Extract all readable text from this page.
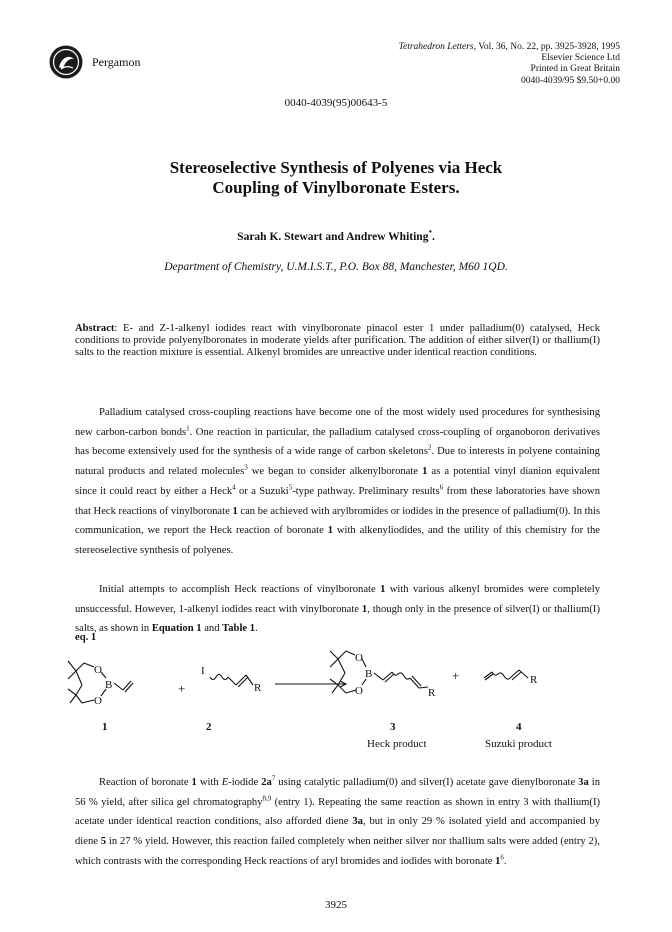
Pergamon
Tetrahedron Letters, Vol. 36, No. 22, pp. 3925-3928, 1995
Elsevier Science Ltd
Printed in Great Britain
0040-4039/95 $9.50+0.00
0040-4039(95)00643-5
Stereoselective Synthesis of Polyenes via Heck
Coupling of Vinylboronate Esters.
Sarah K. Stewart and Andrew Whiting*.
Department of Chemistry, U.M.I.S.T., P.O. Box 88, Manchester, M60 1QD.
Abstract: E- and Z-1-alkenyl iodides react with vinylboronate pinacol ester 1 under palladium(0) catalysed, Heck conditions to provide polyenylboronates in moderate yields after purification. The addition of either silver(I) or thallium(I) salts to the reaction mixture is essential. Alkenyl bromides are unreactive under identical reaction conditions.
Palladium catalysed cross-coupling reactions have become one of the most widely used procedures for synthesising new carbon-carbon bonds$^1$. One reaction in particular, the palladium catalysed cross-coupling of organoboron derivatives has become extensively used for the synthesis of a wide range of carbon skeletons$^2$. Due to interests in polyene containing natural products and related molecules$^3$ we began to consider alkenylboronate 1 as a potential vinyl dianion equivalent since it could react by either a Heck$^4$ or a Suzuki$^5$-type pathway. Preliminary results$^6$ from these laboratories have shown that Heck reactions of vinylboronate 1 can be achieved with arylbromides or iodides in the presence of palladium(0). In this communication, we report the Heck reaction of boronate 1 with alkenyliodides, and the utility of this chemistry for the stereoselective synthesis of polyenes.
Initial attempts to accomplish Heck reactions of vinylboronate 1 with various alkenyl bromides were completely unsuccessful. However, 1-alkenyl iodides react with vinylboronate 1, though only in the presence of silver(I) or thallium(I) salts, as shown in Equation 1 and Table 1.
eq. 1
O
B
O
+
I
R
O
B
O	R
+	R
1	2	3	4
Heck product	Suzuki product
Reaction of boronate 1 with E-iodide $2a^7$ using catalytic palladium(0) and silver(I) acetate gave dienylboronate 3a in 56 % yield, after silica gel chromatography$^{8,9}$ (entry 1). Repeating the same reaction as shown in entry 3 with thallium(I) acetate under identical reaction conditions, also afforded diene 3a, but in only 29 % isolated yield and accompanied by diene 5 in 27 % yield. However, this reaction failed completely when neither silver nor thallium salts were added (entry 2), which contrasts with the corresponding Heck reactions of aryl bromides and iodides with boronate $1^6$.
3925
